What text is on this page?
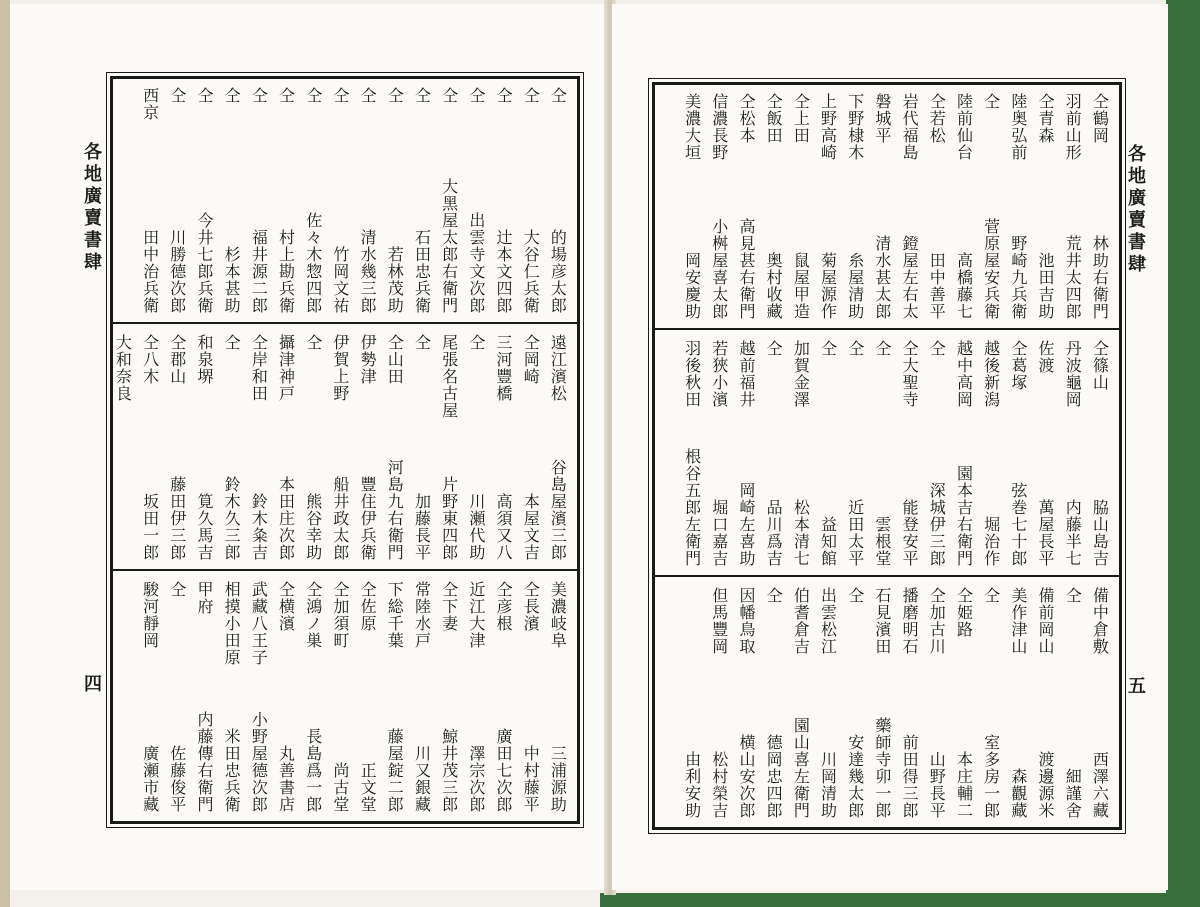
各地廣賣書肆
四
仝
的場彦太郎
仝
大谷仁兵衛
仝
辻本文四郎
仝
出雲寺文次郎
仝
大黑屋太郎右衛門
仝
石田忠兵衛
仝
若林茂助
仝
清水幾三郎
仝
竹岡文祐
仝
佐々木惣四郎
仝
村上勘兵衛
仝
福井源二郎
仝
杉本甚助
仝
今井七郎兵衛
仝
川勝德次郎
西京
田中治兵衛
遠江濱松
谷島屋濱三郎
仝岡崎
本屋文吉
三河豐橋
高須又八
仝
川瀬代助
尾張名古屋
片野東四郎
仝
加藤長平
仝山田
河島九右衛門
伊勢津
豐住伊兵衛
伊賀上野
船井政太郎
仝
熊谷幸助
攝津神戸
本田庄次郎
仝岸和田
鈴木粂吉
仝
鈴木久三郎
和泉堺
筧久馬吉
仝郡山
藤田伊三郎
仝八木
坂田一郎
大和奈良
美濃岐阜
三浦源助
仝長濱
中村藤平
仝彦根
廣田七次郎
近江大津
澤宗次郎
仝下妻
鯨井茂三郎
常陸水戸
川又銀藏
下総千葉
藤屋錠二郎
仝佐原
正文堂
仝加須町
尚古堂
仝鴻ノ巣
長島爲一郎
仝横濱
丸善書店
武藏八王子
小野屋德次郎
相摸小田原
米田忠兵衛
甲府
内藤傳右衛門
仝
佐藤俊平
駿河靜岡
廣瀬市藏
各地廣賣書肆
五
仝鶴岡
林助右衛門
羽前山形
荒井太四郎
仝青森
池田吉助
陸奥弘前
野崎九兵衛
仝
菅原屋安兵衛
陸前仙台
高橋藤七
仝若松
田中善平
岩代福島
鐙屋左右太
磐城平
清水甚太郎
下野棣木
糸屋清助
上野高崎
菊屋源作
仝上田
鼠屋甲造
仝飯田
奥村收藏
仝松本
高見甚右衛門
信濃長野
小桝屋喜太郎
美濃大垣
岡安慶助
仝篠山
脇山島吉
丹波龜岡
内藤半七
佐渡
萬屋長平
仝葛塚
弦巻七十郎
越後新潟
堀治作
越中高岡
園本吉右衛門
仝
深城伊三郎
仝大聖寺
能登安平
仝
雲根堂
仝
近田太平
仝
益知館
加賀金澤
松本清七
仝
品川爲吉
越前福井
岡崎左喜助
若狹小濱
堀口嘉吉
羽後秋田
根谷五郎左衛門
備中倉敷
西澤六藏
仝
細謹舍
備前岡山
渡邊源米
美作津山
森觀藏
仝
室多房一郎
仝姫路
本庄輔二
仝加古川
山野長平
播磨明石
前田得三郎
石見濱田
藥師寺卯一郎
仝
安達幾太郎
出雲松江
川岡清助
伯耆倉吉
園山喜左衛門
仝
德岡忠四郎
因幡鳥取
横山安次郎
但馬豐岡
松村榮吉
由利安助
